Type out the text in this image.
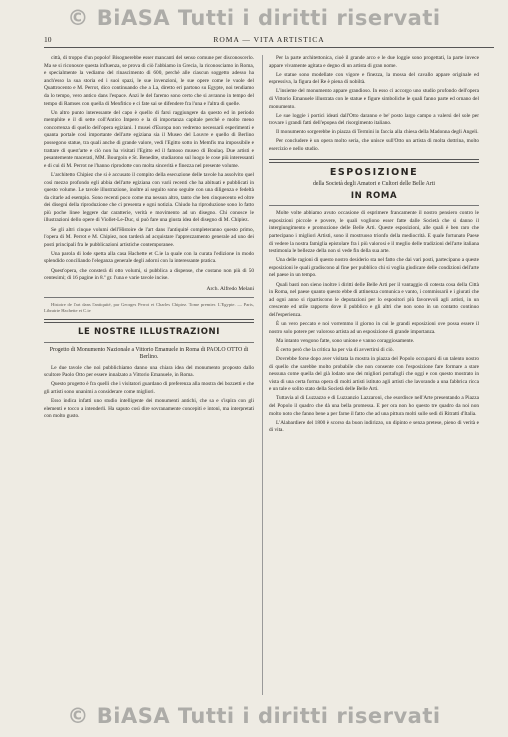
© BiASA Tutti i diritti riservati
10	ROMA — VITA ARTISTICA

città, di troppo d'un popolo! Bisognerebbe esser mancanti del senso comune per disconoscerlo. Ma se si riconosce questa influenza, se prova di ciò l'abbiamo in Grecia, la riconosciamo in Roma, e specialmente la vediamo del rinascimento di 600, perchè alle ciascun soggetto adesso ha anch'esso la sua storia ed i suoi spazi, le sue invenzioni, le sue opere come le vuole del Quattrocento e M. Perrot, dico continuando che a La, diretto eri partono su Egypte, noi tendiamo da lo tempo, vero antico dans l'espace. Anzi le del faremo sono certo che si avranno in tempo del tempo di Ramses con quella di Menfitico e ci fate sai se difendere fra l'una e l'altra di quelle.

Un altro punto interessante del capo è quello di farsi raggiungere da questo ed in periodo memphite e il di sette coll'Antico Impero e la di importanza capitale perchè e molto meno concorrenza di quello dell'opera egiziani. I musei d'Europa non vedremo necessarii esperimenti e quanta portale così importante dell'arte egiziana sia il Museo del Louvre e quello di Berlino possegono statue, tra quali anche di grande valore, vedi l'Egitto sotto in Memfis ma impossibile e trattare di quest'arte e ciò non ha visitati l'Egitto ed il famoso museo di Boulaq. Due artisti e pesantemente macerati, MM. Bourgoin e St. Benedite, studiarono sul luogo le cose più interessanti e di cui di M. Perrot ne l'hanno riprodotte con molta sincerità e finezza nel presente volume.

L'architetto Chipiez che si è accusato il compito della esecuzione delle tavole ha assolvito quel così mezzo profondo egli abbia dell'arte egiziana con varii recenti che ha abituati e pubblicati in questo volume. Le tavole illustrazione, inoltre ai seguito sono seguite con una diligenza e fedeltà da citarle ad esempio. Sono recenti poco come ma nessun altro, tanto che ben cinquecento ed oltre dei disegni della riproduzione che ci presenta e ogni notizia. Chiudo ha riproduzione sono lo fatto più poche linee leggere dar caratterie, verità e movimento ad un disegno. Chi conosce le illustrazioni dello opere di Viollet-Le-Duc, si può fare una giusta idea del disegno di M. Chipiez.

Se gli altri cinque volumi dell'Histoire de l'art dans l'antiquité completeranno questo primo, l'opera di M. Perrot e M. Chipiez, non tarderà ad acquistare l'apprezzamento generale ad uno dei posti principali fra le pubblicazioni artistiche contemporanee.

Una parola di lode spetta alla casa Hachette et C.ie la quale con la curata l'edizione in modo splendido conciliando l'eleganza generale degli adorni con la interessante pratica.

Quest'opera, che consterà di otto volumi, si pubblica a dispense, che costano non più di 50 centesimi; di 16 pagine in 8.º gr. l'una e varie tavole incise.

Arch. Alfredo Melani

Histoire de l'art dans l'antiquité, par Georges Perrot et Charles Chipiez. Tome premier. L'Egypte. — Paris, Librairie Hachette et C.ie

LE NOSTRE ILLUSTRAZIONI
Progetto di Monumento Nazionale a Vittorio Emanuele in Roma di PAOLO OTTO di Berlino.

Le due tavole che noi pubblichiamo danno una chiara idea del monumento proposto dallo scultore Paolo Otto per essere innalzato a Vittorio Emanuele, in Roma.

Questo progetto è fra quelli che i visitatori guardano di preferenza alla mostra dei bozzetti e che gli artisti sono unanimi a considerare come migliori.

Esso indica infatti uno studio intelligente dei monumenti antichi, che sa e s'ispira con gli elementi e tocco a intenderli. Ha saputo così dire sovranamente concepiti e intoni, ma interpretati con molto gusto.

Per la parte architettonica, cioè il grande arco e le due loggie sono progettati, la parte invece appare vivamente agitata e degno di un artista di gran nome.

Le statue sono modellate con vigore e finezza, la mossa del cavallo appare originale ed espressiva, la figura del Re è piena di nobiltà.

L'insieme del monumento appare grandioso. In esso ci accorgo uno studio profondo dell'opera di Vittorio Emanuele illustrata con le statue e figure simboliche le quali fanno parte ed ornano del monumento.

Le sue loggie i portici ideati dall'Otto daranno e be' posto largo campo a valersi del sole per trovare i grandi fatti dell'epopea del risorgimento italiano.

Il monumento sorgerebbe in piazza di Termini in faccia alla chiesa della Madonna degli Angeli.

Per concludere è un opera molto seria, che unisce sull'Otto un artista di molta dottrina, molto esercizio e nello studio.

ESPOSIZIONE
della Società degli Amatori e Cultori delle Belle Arti
IN ROMA

Molte volte abbiamo avuto occasione di esprimere francamente il nostro pensiero contro le esposizioni piccole e povere, le quali vogliono esser fatte dalle Società che si danno il intergiungimento e promozione delle Belle Arti. Queste esposizioni, alle quali è ben raro che partecipano i migliori Artisti, sono il mostruoso trionfo della mediocrità. E quale fortunato Paese di vedere la nostra famiglia epistolare fra i più valorosi e il meglio delle tradizioni dell'arte italiana testimonia le bellezze della non si vede fin della sua arte.

Una delle ragioni di questo nostro desiderio sta nel fatto che dai vari posti, partecipano a queste esposizioni le quali gradiscono al fine per pubblico chi si voglia giudicare delle condizioni dell'arte nel paese in un tempo.

Quali basti non sieno inoltre i diritti delle Belle Arti per il vantaggio di cotesta cosa della Città in Roma, nel paese quanto questo ebbe di attinenza comunica e vanto, i commissarii e i giurati che ad ogni anno si ripartiscono le deputazioni per lo espositori più favorevoli agli artisti, in un crescente ed utile rapporto dove il pubblico e gli altri che non sono in un contatto continuo dell'esperienza.

È un vero peccato e noi vorremmo il giorno in cui le grandi esposizioni ove possa essere il nostro solo potere per valoroso artista ad un esposizione di grande importanza.

Ma intanto vengono fatte, sono unione e vanno coraggiosamente.

È certo però che la critica ha per via di avvertirsi di ciò.

Dovrebbe forse dopo aver visitata la mostra in piazza del Popolo occuparsi di un talento nostro di quello che sarebbe molto probabile che non consente con l'esposizione fare formare a stare nessuna come quella del già lodato uno dei migliori portafogli che oggi e con questo mostrato in vista di una certa forma opera di molti artisti istituto agli artisti che lavorando a una fabbrica ricca e un tale e solito stato della Società delle Belle Arti.

Tuttavia al di Luzzazzo e di Luzzanzio Lazzaroni, che esordisce nell'Arte presentando a Piazza del Popolo il quadro che dà una bella promessa. E per ora non ho questo tre quadro da noi non molto noto che fanno bene a per farne il fatto che ad una pittura molti sulle sedi di Ritratti d'Italia.

L'Alabardiere del 1800 è scorso da buon indirizzo, un dipinto e senza pretese, pieno di verità e di vita.

© BiASA Tutti i diritti riservati
